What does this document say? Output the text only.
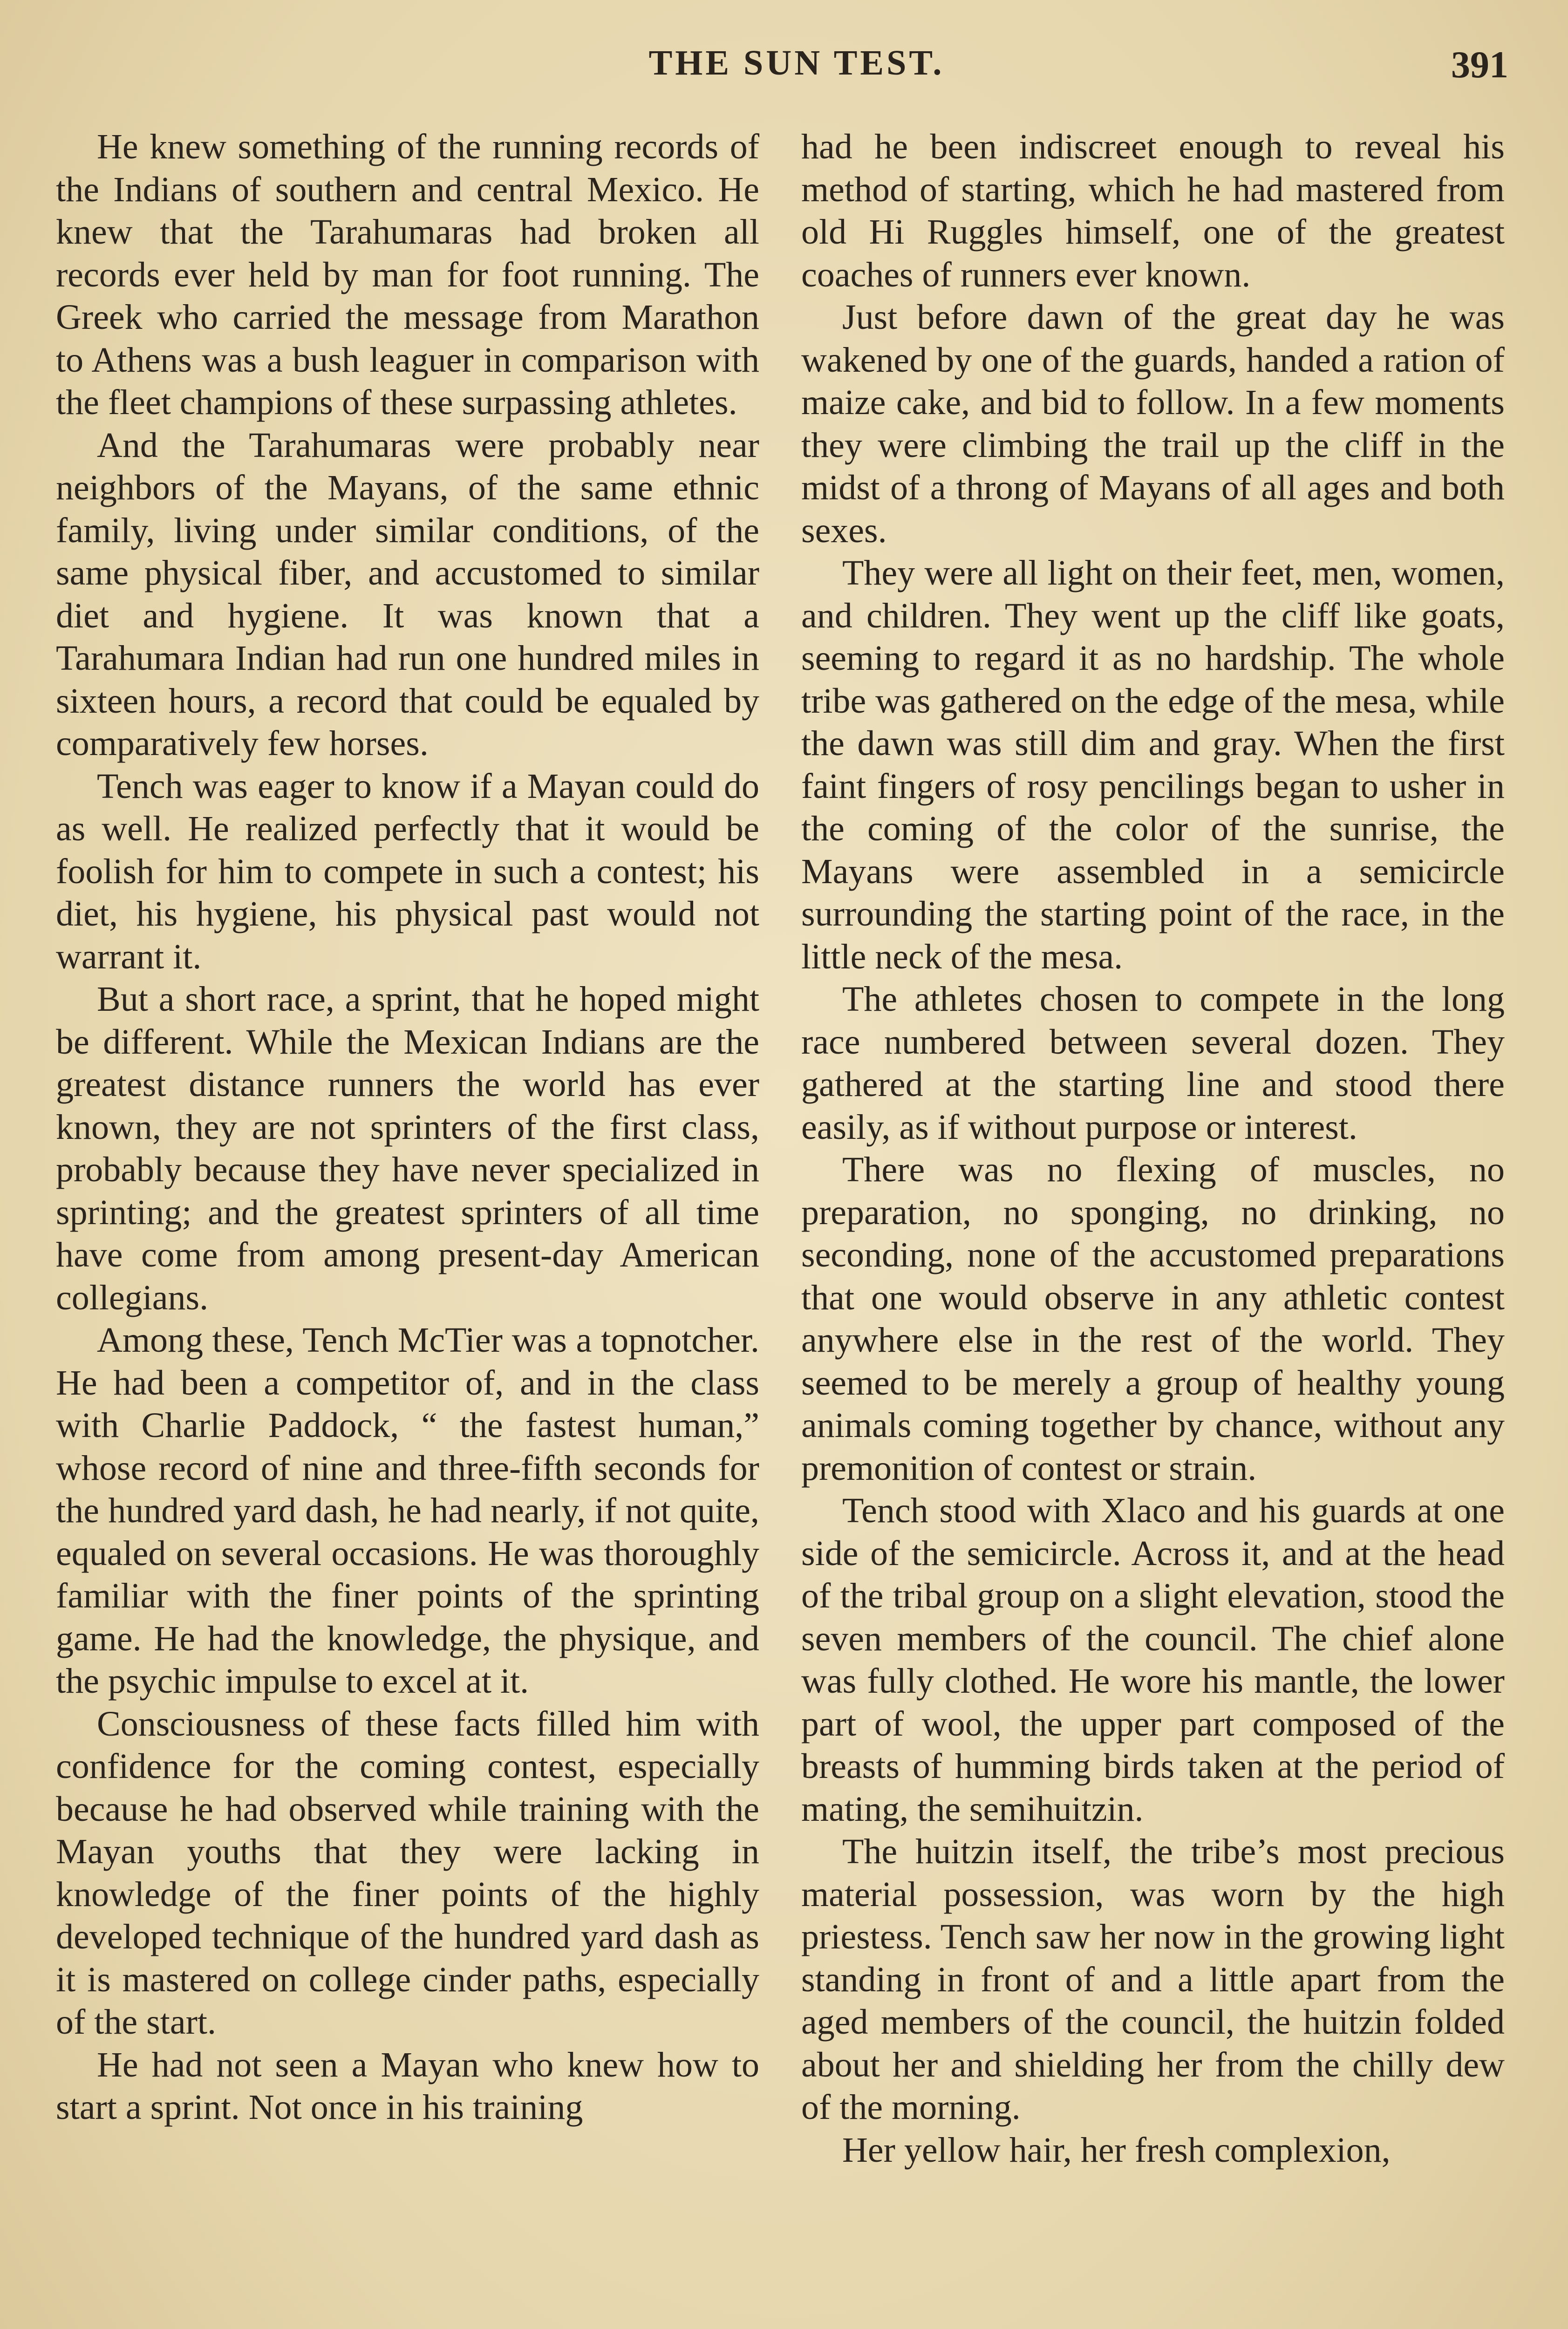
THE SUN TEST.	391

He knew something of the running records of the Indians of southern and central Mexico. He knew that the Tarahumaras had broken all records ever held by man for foot running. The Greek who carried the message from Marathon to Athens was a bush leaguer in comparison with the fleet champions of these surpassing athletes.

And the Tarahumaras were probably near neighbors of the Mayans, of the same ethnic family, living under similar conditions, of the same physical fiber, and accustomed to similar diet and hygiene. It was known that a Tarahumara Indian had run one hundred miles in sixteen hours, a record that could be equaled by comparatively few horses.

Tench was eager to know if a Mayan could do as well. He realized perfectly that it would be foolish for him to compete in such a contest; his diet, his hygiene, his physical past would not warrant it.

But a short race, a sprint, that he hoped might be different. While the Mexican Indians are the greatest distance runners the world has ever known, they are not sprinters of the first class, probably because they have never specialized in sprinting; and the greatest sprinters of all time have come from among present-day American collegians.

Among these, Tench McTier was a topnotcher. He had been a competitor of, and in the class with Charlie Paddock, “ the fastest human,” whose record of nine and three-fifth seconds for the hundred yard dash, he had nearly, if not quite, equaled on several occasions. He was thoroughly familiar with the finer points of the sprinting game. He had the knowledge, the physique, and the psychic impulse to excel at it.

Consciousness of these facts filled him with confidence for the coming contest, especially because he had observed while training with the Mayan youths that they were lacking in knowledge of the finer points of the highly developed technique of the hundred yard dash as it is mastered on college cinder paths, especially of the start.

He had not seen a Mayan who knew how to start a sprint. Not once in his training

had he been indiscreet enough to reveal his method of starting, which he had mastered from old Hi Ruggles himself, one of the greatest coaches of runners ever known.

Just before dawn of the great day he was wakened by one of the guards, handed a ration of maize cake, and bid to follow. In a few moments they were climbing the trail up the cliff in the midst of a throng of Mayans of all ages and both sexes.

They were all light on their feet, men, women, and children. They went up the cliff like goats, seeming to regard it as no hardship. The whole tribe was gathered on the edge of the mesa, while the dawn was still dim and gray. When the first faint fingers of rosy pencilings began to usher in the coming of the color of the sunrise, the Mayans were assembled in a semicircle surrounding the starting point of the race, in the little neck of the mesa.

The athletes chosen to compete in the long race numbered between several dozen. They gathered at the starting line and stood there easily, as if without purpose or interest.

There was no flexing of muscles, no preparation, no sponging, no drinking, no seconding, none of the accustomed preparations that one would observe in any athletic contest anywhere else in the rest of the world. They seemed to be merely a group of healthy young animals coming together by chance, without any premonition of contest or strain.

Tench stood with Xlaco and his guards at one side of the semicircle. Across it, and at the head of the tribal group on a slight elevation, stood the seven members of the council. The chief alone was fully clothed. He wore his mantle, the lower part of wool, the upper part composed of the breasts of humming birds taken at the period of mating, the semihuitzin.

The huitzin itself, the tribe’s most precious material possession, was worn by the high priestess. Tench saw her now in the growing light standing in front of and a little apart from the aged members of the council, the huitzin folded about her and shielding her from the chilly dew of the morning.

Her yellow hair, her fresh complexion,
